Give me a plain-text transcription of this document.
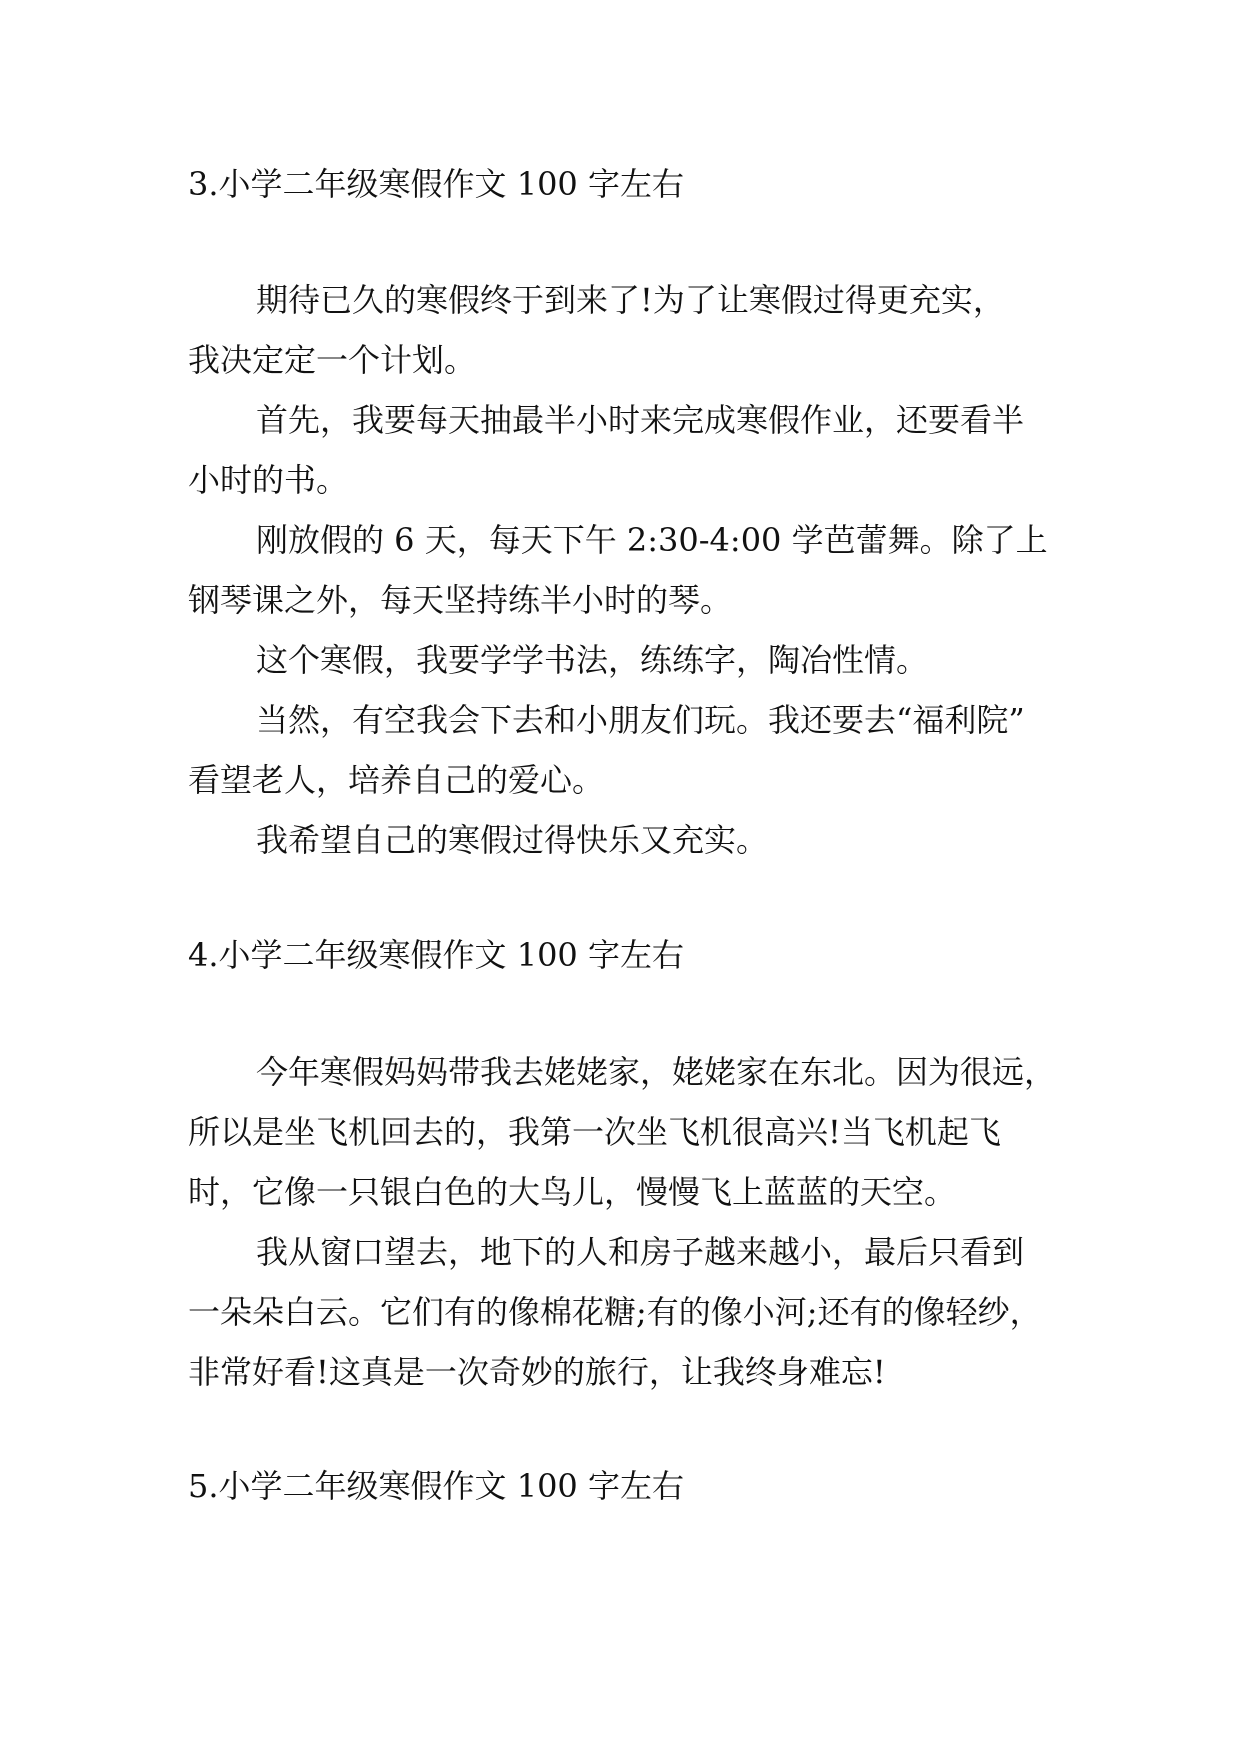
3.小学二年级寒假作文 100 字左右
期待已久的寒假终于到来了!为了让寒假过得更充实，
我决定定一个计划。
首先，我要每天抽最半小时来完成寒假作业，还要看半
小时的书。
刚放假的 6 天，每天下午 2:30-4:00 学芭蕾舞。除了上
钢琴课之外，每天坚持练半小时的琴。
这个寒假，我要学学书法，练练字，陶冶性情。
当然，有空我会下去和小朋友们玩。我还要去“福利院”
看望老人，培养自己的爱心。
我希望自己的寒假过得快乐又充实。
4.小学二年级寒假作文 100 字左右
今年寒假妈妈带我去姥姥家，姥姥家在东北。因为很远，
所以是坐飞机回去的，我第一次坐飞机很高兴!当飞机起飞
时，它像一只银白色的大鸟儿，慢慢飞上蓝蓝的天空。
我从窗口望去，地下的人和房子越来越小，最后只看到
一朵朵白云。它们有的像棉花糖;有的像小河;还有的像轻纱，
非常好看!这真是一次奇妙的旅行，让我终身难忘!
5.小学二年级寒假作文 100 字左右
